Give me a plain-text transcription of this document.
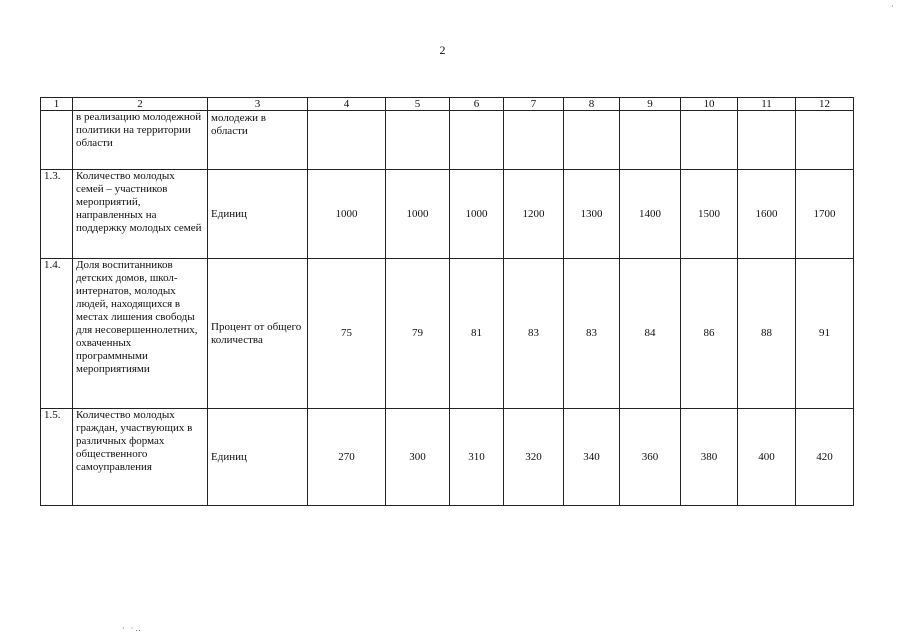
2
1	2	3	4	5	6	7	8	9	10	11	12
	в реализацию молодежной политики на территории области	молодежи в области									
1.3.	Количество молодых семей – участников мероприятий, направленных на поддержку молодых семей	Единиц	1000	1000	1000	1200	1300	1400	1500	1600	1700
1.4.	Доля воспитанников детских домов, школ-интернатов, молодых людей, находящихся в местах лишения свободы для несовершеннолетних, охваченных программными мероприятиями	Процент от общего количества	75	79	81	83	83	84	86	88	91
1.5.	Количество молодых граждан, участвующих в различных формах общественного самоуправления	Единиц	270	300	310	320	340	360	380	400	420
·
· ·‥
